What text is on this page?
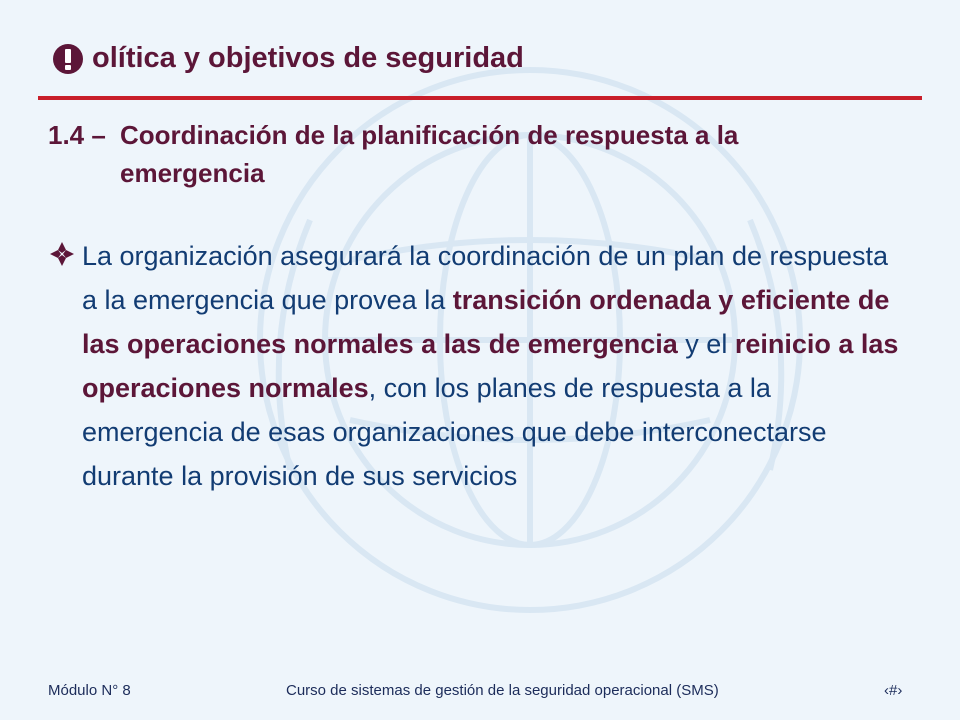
olítica y objetivos de seguridad
1.4 – Coordinación de la planificación de respuesta a la
emergencia
La organización asegurará la coordinación de un plan de respuesta a la emergencia que provea la transición ordenada y eficiente de las operaciones normales a las de emergencia y el reinicio a las operaciones normales, con los planes de respuesta a la emergencia de esas organizaciones que debe interconectarse durante la provisión de sus servicios
Módulo N° 8	Curso de sistemas de gestión de la seguridad operacional (SMS)	‹#›
